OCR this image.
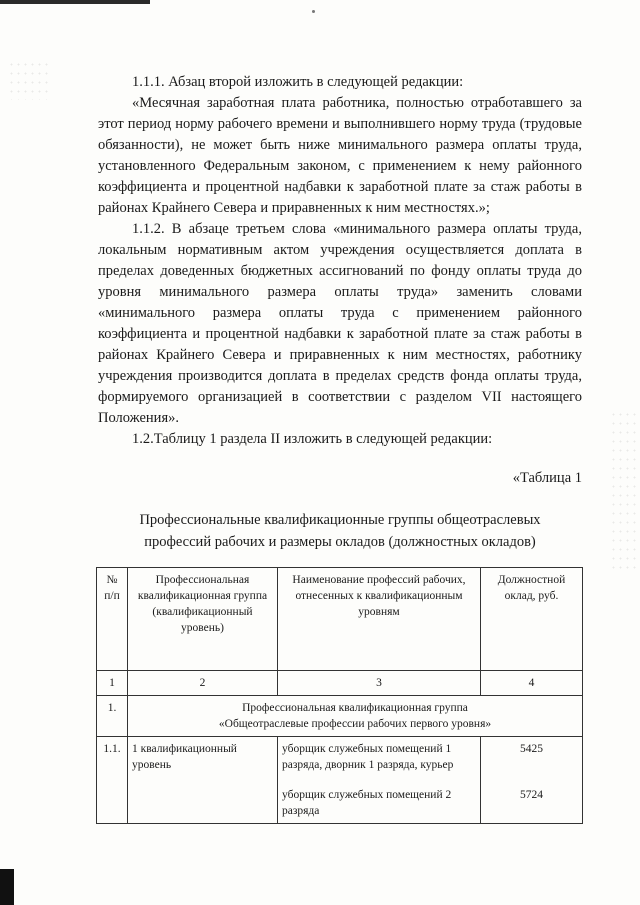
1.1.1. Абзац второй изложить в следующей редакции:

«Месячная заработная плата работника, полностью отработавшего за этот период норму рабочего времени и выполнившего норму труда (трудовые обязанности), не может быть ниже минимального размера оплаты труда, установленного Федеральным законом, с применением к нему районного коэффициента и процентной надбавки к заработной плате за стаж работы в районах Крайнего Севера и приравненных к ним местностях.»;

1.1.2. В абзаце третьем слова «минимального размера оплаты труда, локальным нормативным актом учреждения осуществляется доплата в пределах доведенных бюджетных ассигнований по фонду оплаты труда до уровня минимального размера оплаты труда» заменить словами «минимального размера оплаты труда с применением районного коэффициента и процентной надбавки к заработной плате за стаж работы в районах Крайнего Севера и приравненных к ним местностях, работнику учреждения производится доплата в пределах средств фонда оплаты труда, формируемого организацией в соответствии с разделом VII настоящего Положения».

1.2.Таблицу 1 раздела II изложить в следующей редакции:

«Таблица 1
Профессиональные квалификационные группы общеотраслевых
профессий рабочих и размеры окладов (должностных окладов)
№ п/п	Профессиональная квалификационная группа (квалификационный уровень)	Наименование профессий рабочих, отнесенных к квалификационным уровням	Должностной оклад, руб.
1	2	3	4
1.	Профессиональная квалификационная группа
«Общеотраслевые профессии рабочих первого уровня»		

1.1.	1 квалификационный уровень	уборщик служебных помещений 1 разряда, дворник 1 разряда, курьер	5425
		уборщик служебных помещений 2 разряда	5724
